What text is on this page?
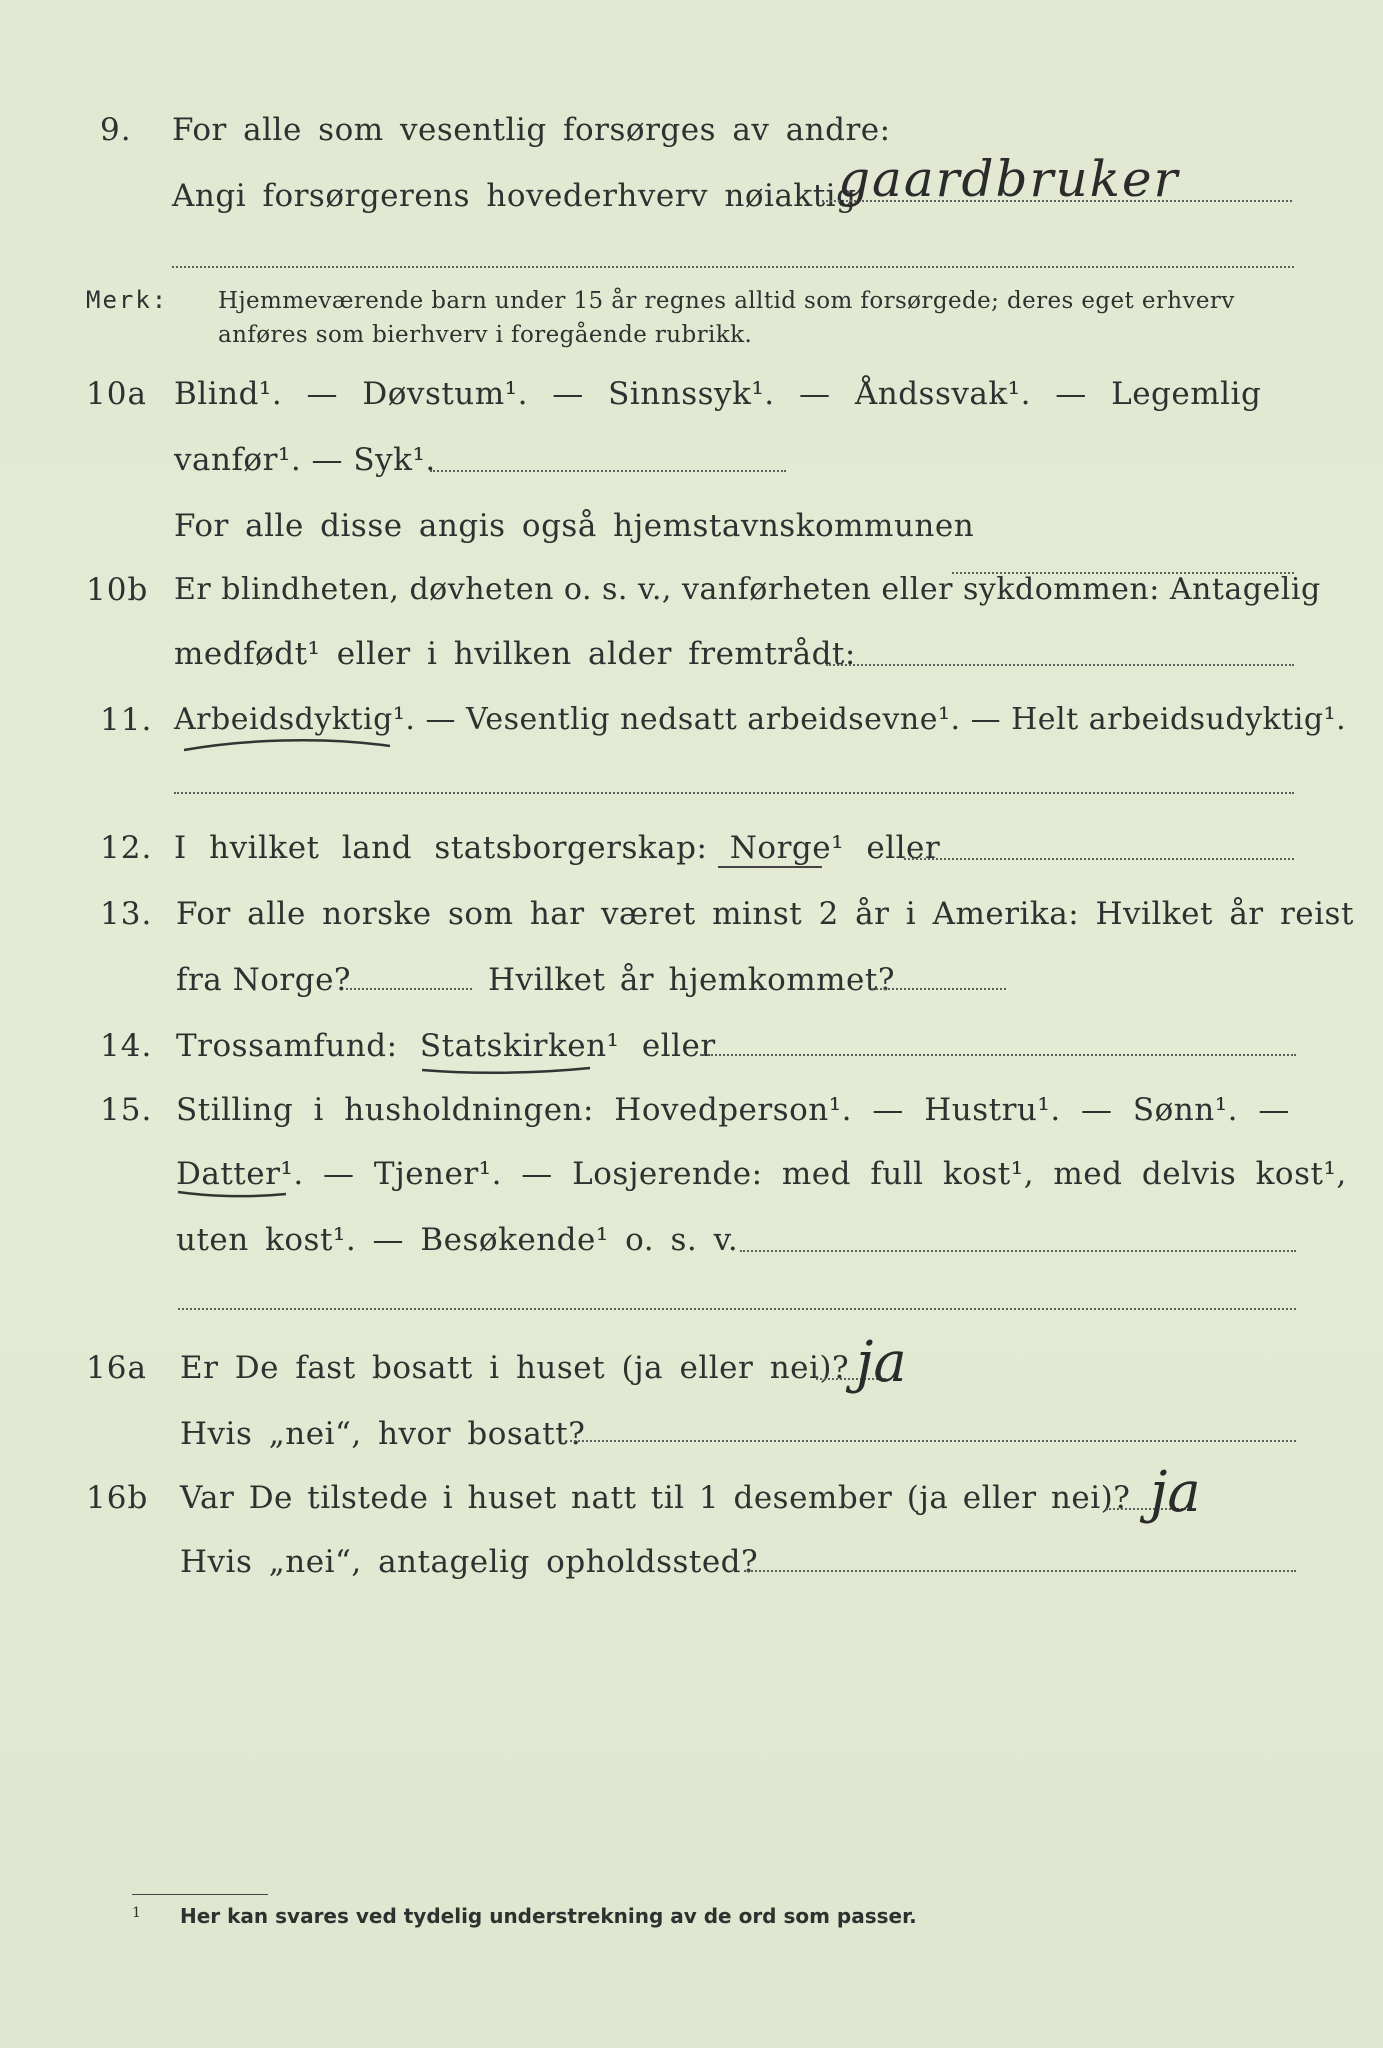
9. For alle som vesentlig forsørges av andre:
Angi forsørgerens hovederhverv nøiaktig
gaardbruker
Merk: Hjemmeværende barn under 15 år regnes alltid som forsørgede; deres eget erhverv
anføres som bierhverv i foregående rubrikk.
10a Blind¹. — Døvstum¹. — Sinnssyk¹. — Åndssvak¹. — Legemlig
vanfør¹. — Syk¹.
For alle disse angis også hjemstavnskommunen
10b Er blindheten, døvheten o. s. v., vanførheten eller sykdommen: Antagelig
medfødt¹ eller i hvilken alder fremtrådt:
11. Arbeidsdyktig¹. — Vesentlig nedsatt arbeidsevne¹. — Helt arbeidsudyktig¹.
12. I hvilket land statsborgerskap: Norge¹ eller
13. For alle norske som har været minst 2 år i Amerika: Hvilket år reist
fra Norge?	Hvilket år hjemkommet?
14. Trossamfund: Statskirken¹ eller
15. Stilling i husholdningen: Hovedperson¹. — Hustru¹. — Sønn¹. —
Datter¹. — Tjener¹. — Losjerende: med full kost¹, med delvis kost¹,
uten kost¹. — Besøkende¹ o. s. v.
16a Er De fast bosatt i huset (ja eller nei)? ja
Hvis „nei“, hvor bosatt?
16b Var De tilstede i huset natt til 1 desember (ja eller nei)? ja
Hvis „nei“, antagelig opholdssted?
1 Her kan svares ved tydelig understrekning av de ord som passer.
